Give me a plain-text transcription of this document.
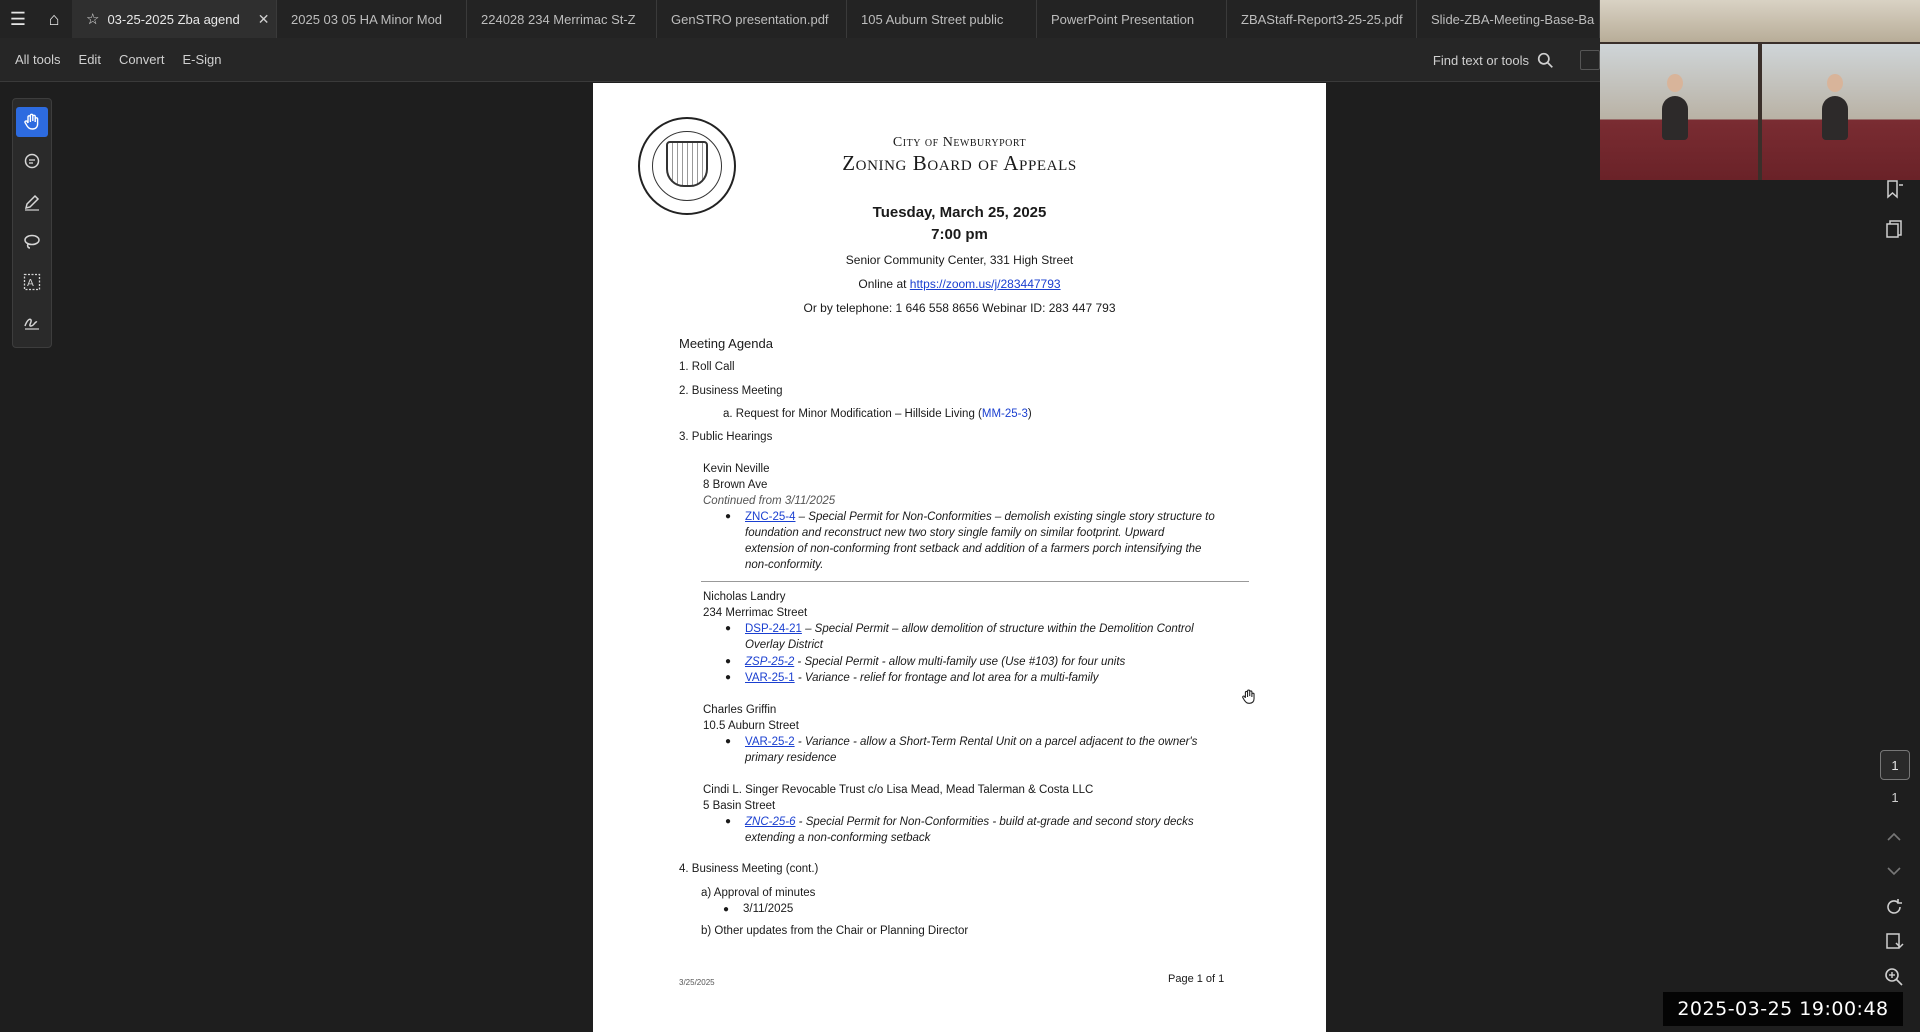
☰	⌂	☆ 03-25-2025 Zba agend ✕ 2025 03 05 HA Minor Mod	224028 234 Merrimac St-Z	GenSTRO presentation.pdf 105 Auburn Street public	PowerPoint Presentation	ZBAStaff-Report3-25-25.pdf Slide-ZBA-Meeting-Base-Ba
All tools	Edit	Convert	E-Sign	Find text or tools
A
City of Newburyport
Zoning Board of Appeals
Tuesday, March 25, 2025
7:00 pm
Senior Community Center, 331 High Street
Online at https://zoom.us/j/283447793
Or by telephone: 1 646 558 8656 Webinar ID: 283 447 793
Meeting Agenda
1. Roll Call
2. Business Meeting
a. Request for Minor Modification – Hillside Living (MM-25-3)
3. Public Hearings
Kevin Neville
8 Brown Ave
Continued from 3/11/2025
● ZNC-25-4 – Special Permit for Non-Conformities – demolish existing single story structure to
foundation and reconstruct new two story single family on similar footprint. Upward
extension of non-conforming front setback and addition of a farmers porch intensifying the
non-conformity.
Nicholas Landry
234 Merrimac Street
● DSP-24-21 – Special Permit – allow demolition of structure within the Demolition Control
Overlay District
● ZSP-25-2 - Special Permit - allow multi-family use (Use #103) for four units
● VAR-25-1 - Variance - relief for frontage and lot area for a multi-family
Charles Griffin
10.5 Auburn Street
● VAR-25-2 - Variance - allow a Short-Term Rental Unit on a parcel adjacent to the owner's
primary residence
Cindi L. Singer Revocable Trust c/o Lisa Mead, Mead Talerman & Costa LLC
5 Basin Street
● ZNC-25-6 - Special Permit for Non-Conformities - build at-grade and second story decks
extending a non-conforming setback
4. Business Meeting (cont.)
a) Approval of minutes
● 3/11/2025
b) Other updates from the Chair or Planning Director
3/25/2025	Page 1 of 1
1
1
2025-03-25 19:00:48
